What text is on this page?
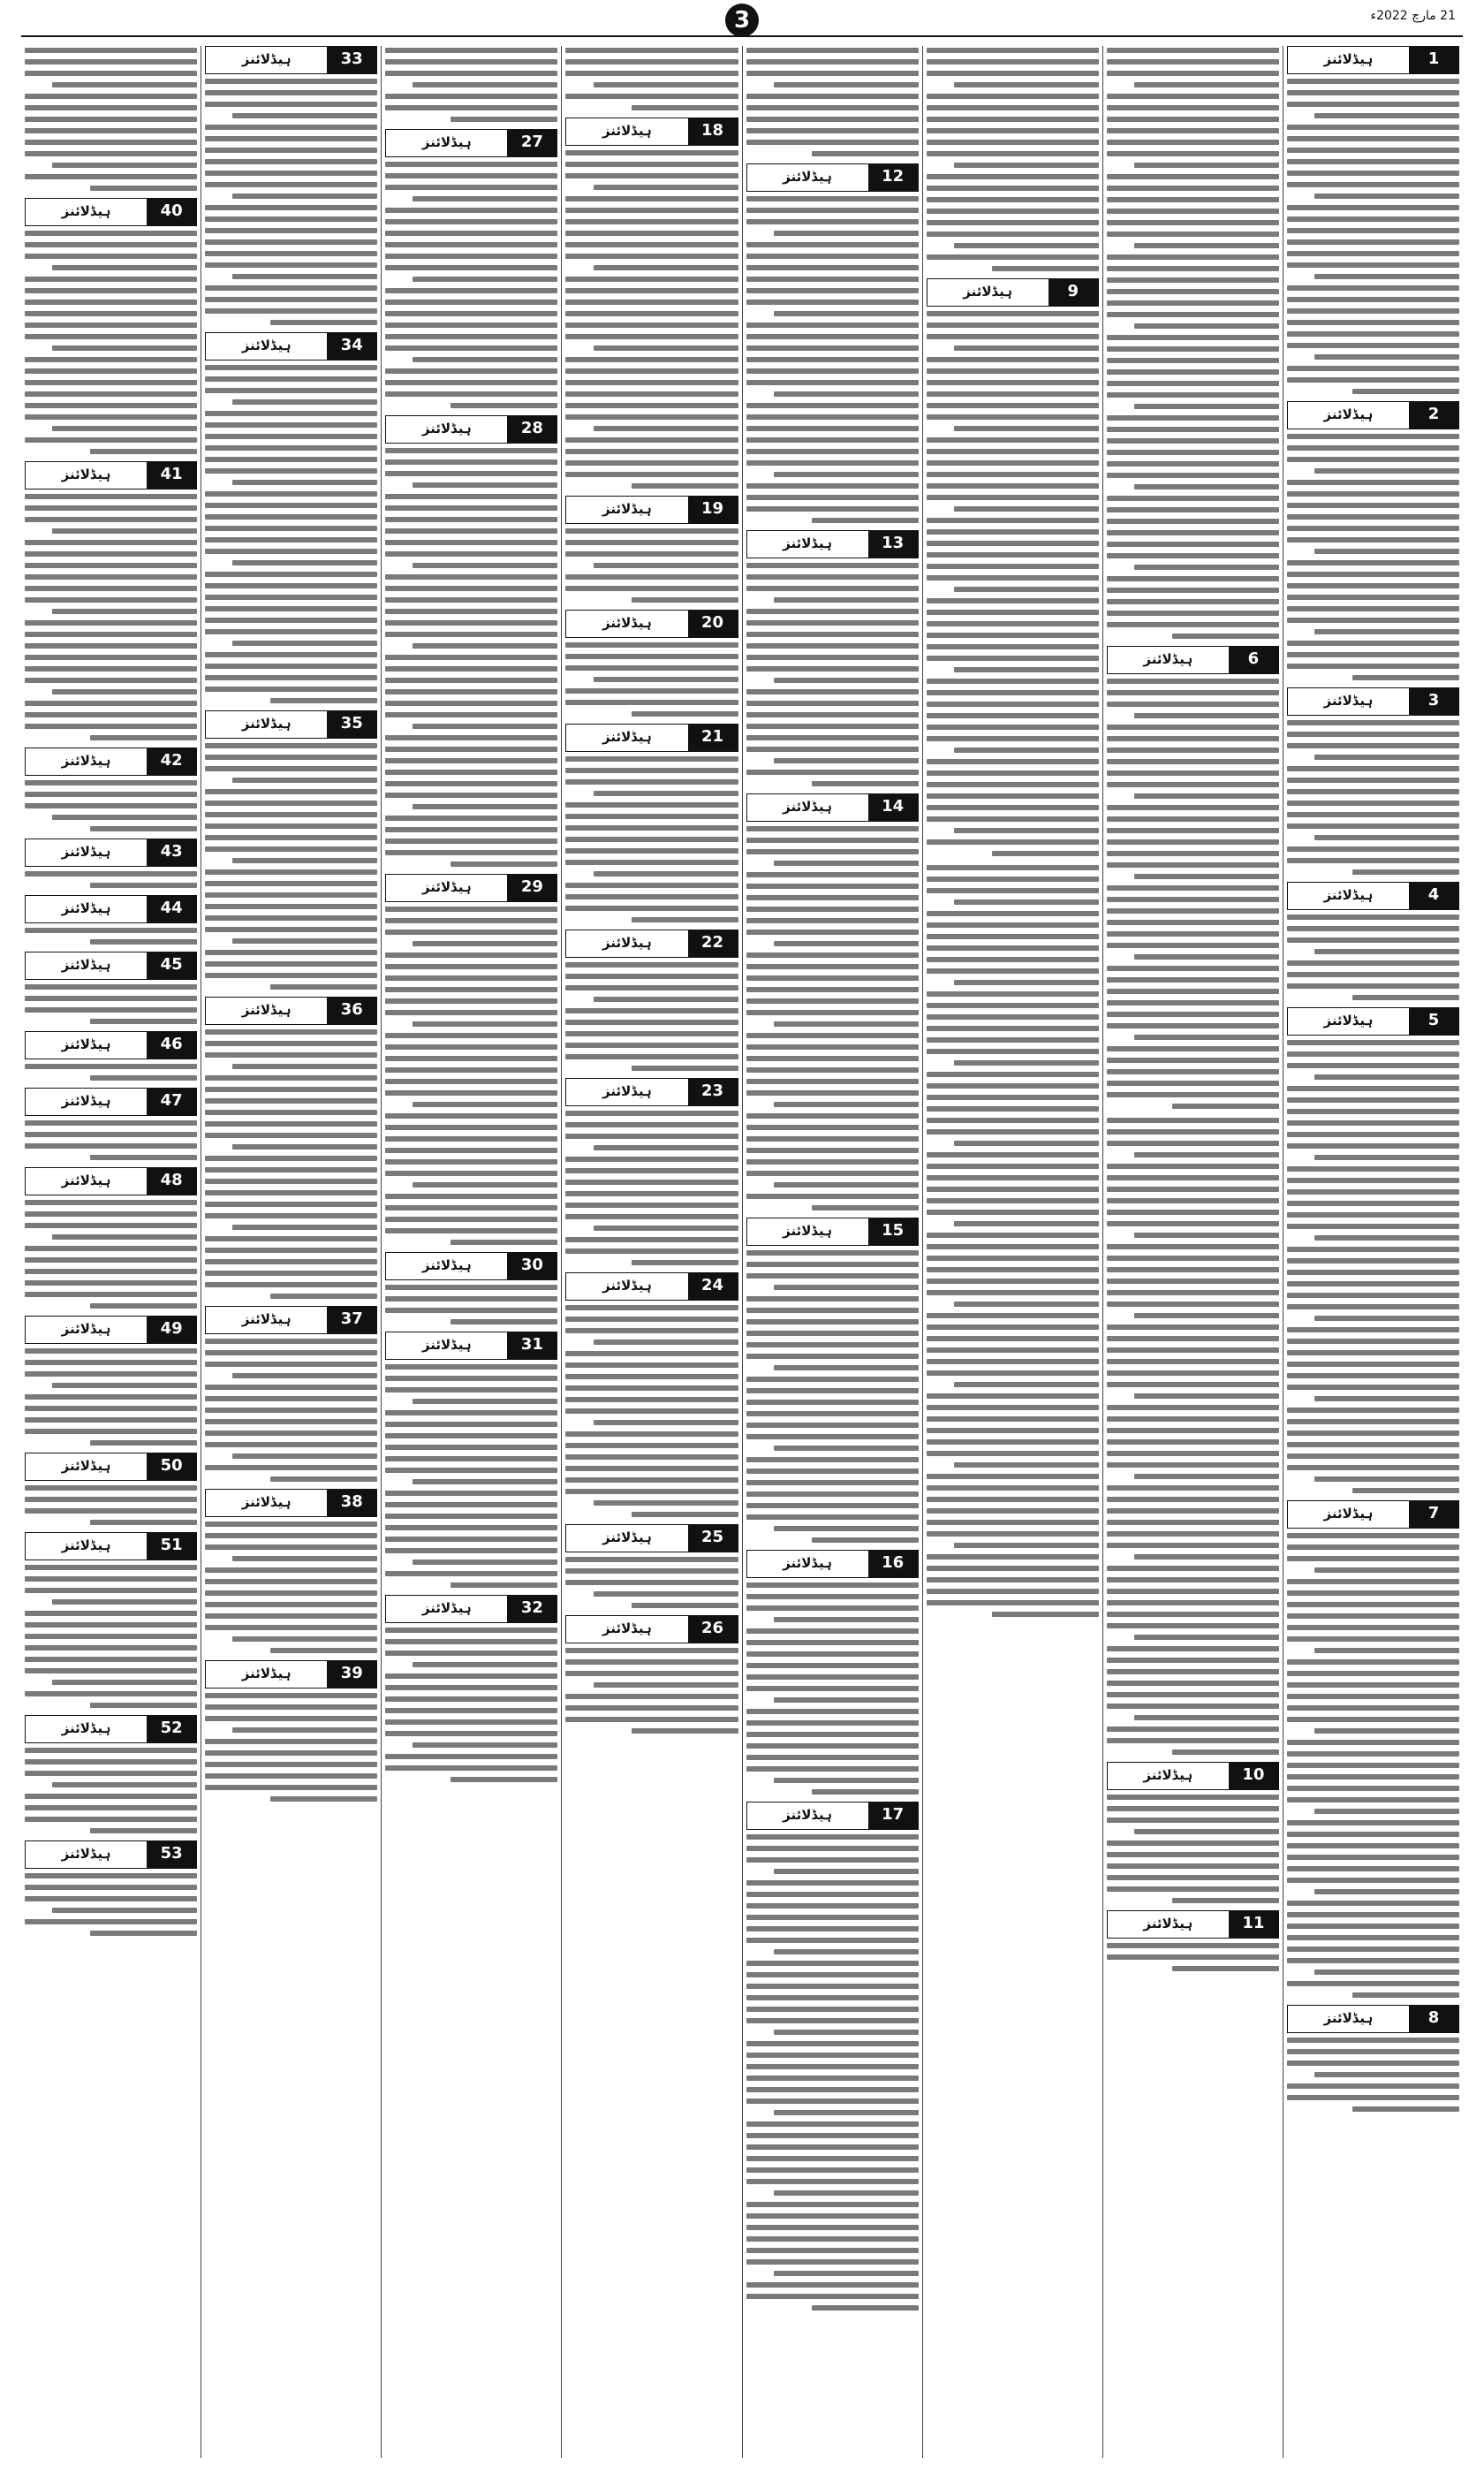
3	21 مارچ 2022ء
1
ہیڈلائنز
2
ہیڈلائنز
3
ہیڈلائنز
4
ہیڈلائنز
5
ہیڈلائنز
7
ہیڈلائنز
8
ہیڈلائنز
6
ہیڈلائنز
10
ہیڈلائنز
11
ہیڈلائنز
9
ہیڈلائنز
12
ہیڈلائنز
13
ہیڈلائنز
14
ہیڈلائنز
15
ہیڈلائنز
16
ہیڈلائنز
17
ہیڈلائنز
18
ہیڈلائنز
19
ہیڈلائنز
20
ہیڈلائنز
21
ہیڈلائنز
22
ہیڈلائنز
23
ہیڈلائنز
24
ہیڈلائنز
25
ہیڈلائنز
26
ہیڈلائنز
27
ہیڈلائنز
28
ہیڈلائنز
29
ہیڈلائنز
30
ہیڈلائنز
31
ہیڈلائنز
32
ہیڈلائنز
33
ہیڈلائنز
34
ہیڈلائنز
35
ہیڈلائنز
36
ہیڈلائنز
37
ہیڈلائنز
38
ہیڈلائنز
39
ہیڈلائنز
40
ہیڈلائنز
41
ہیڈلائنز
42
ہیڈلائنز
43
ہیڈلائنز
44
ہیڈلائنز
45
ہیڈلائنز
46
ہیڈلائنز
47
ہیڈلائنز
48
ہیڈلائنز
49
ہیڈلائنز
50
ہیڈلائنز
51
ہیڈلائنز
52
ہیڈلائنز
53
ہیڈلائنز
